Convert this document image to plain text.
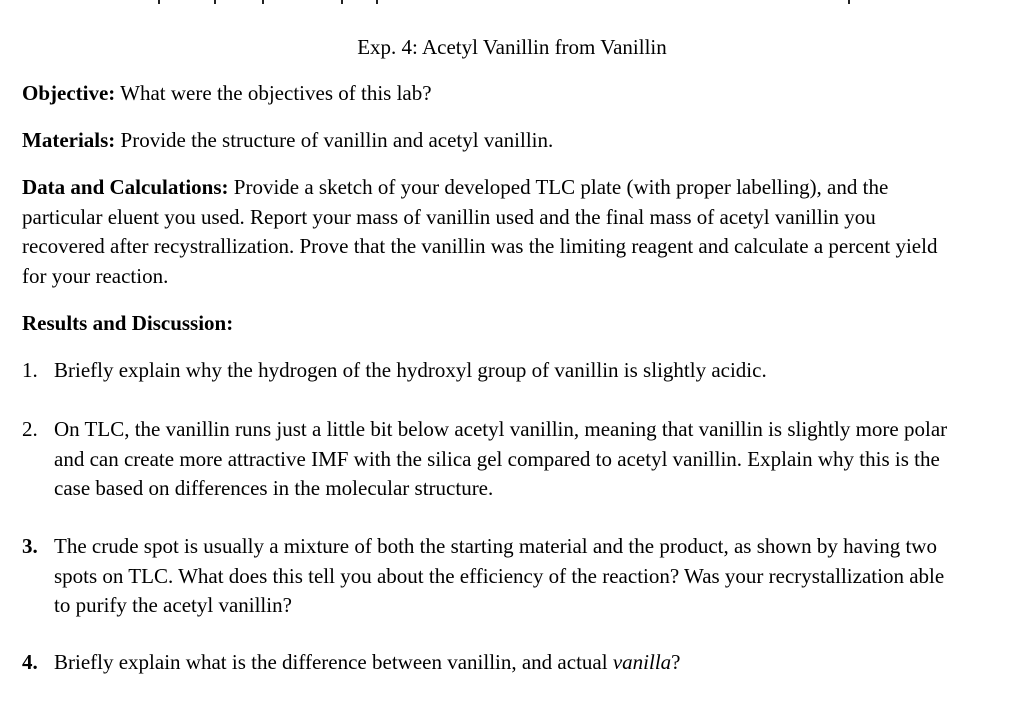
Exp. 4: Acetyl Vanillin from Vanillin
Objective: What were the objectives of this lab?
Materials: Provide the structure of vanillin and acetyl vanillin.
Data and Calculations: Provide a sketch of your developed TLC plate (with proper labelling), and the particular eluent you used. Report your mass of vanillin used and the final mass of acetyl vanillin you recovered after recystrallization. Prove that the vanillin was the limiting reagent and calculate a percent yield for your reaction.
Results and Discussion:
1. Briefly explain why the hydrogen of the hydroxyl group of vanillin is slightly acidic.
2. On TLC, the vanillin runs just a little bit below acetyl vanillin, meaning that vanillin is slightly more polar and can create more attractive IMF with the silica gel compared to acetyl vanillin. Explain why this is the case based on differences in the molecular structure.
3. The crude spot is usually a mixture of both the starting material and the product, as shown by having two spots on TLC. What does this tell you about the efficiency of the reaction? Was your recrystallization able to purify the acetyl vanillin?
4. Briefly explain what is the difference between vanillin, and actual vanilla?
